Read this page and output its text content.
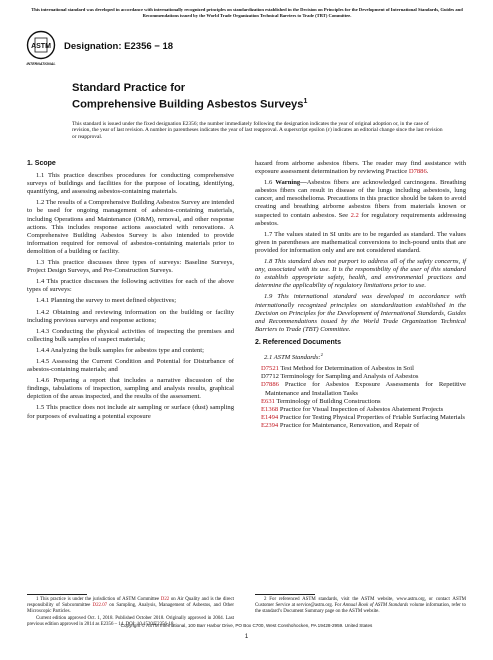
This international standard was developed in accordance with internationally recognized principles on standardization established in the Decision on Principles for the Development of International Standards, Guides and Recommendations issued by the World Trade Organization Technical Barriers to Trade (TBT) Committee.
ASTM
INTERNATIONAL
Designation: E2356 − 18
Standard Practice for
Comprehensive Building Asbestos Surveys$^1$
This standard is issued under the fixed designation E2356; the number immediately following the designation indicates the year of original adoption or, in the case of revision, the year of last revision. A number in parentheses indicates the year of last reapproval. A superscript epsilon (ε) indicates an editorial change since the last revision or reapproval.
1. Scope

1.1 This practice describes procedures for conducting comprehensive surveys of buildings and facilities for the purpose of locating, identifying, quantifying, and assessing asbestos-containing materials.

1.2 The results of a Comprehensive Building Asbestos Survey are intended to be used for ongoing management of asbestos-containing materials, including Operations and Maintenance (O&M), removal, and other response actions. This includes response actions associated with renovations. A Comprehensive Building Asbestos Survey is also intended to provide information required for removal of asbestos-containing materials prior to demolition of a building or facility.

1.3 This practice discusses three types of surveys: Baseline Surveys, Project Design Surveys, and Pre-Construction Surveys.

1.4 This practice discusses the following activities for each of the above types of surveys:

1.4.1 Planning the survey to meet defined objectives;

1.4.2 Obtaining and reviewing information on the building or facility including previous surveys and response actions;

1.4.3 Conducting the physical activities of inspecting the premises and collecting bulk samples of suspect materials;

1.4.4 Analyzing the bulk samples for asbestos type and content;

1.4.5 Assessing the Current Condition and Potential for Disturbance of asbestos-containing materials; and

1.4.6 Preparing a report that includes a narrative discussion of the findings, tabulations of inspection, sampling and analysis results, graphical depiction of the areas inspected, and the results of the assessment.

1.5 This practice does not include air sampling or surface (dust) sampling for purposes of evaluating a potential exposure

hazard from airborne asbestos fibers. The reader may find assistance with exposure assessment determination by reviewing Practice D7886.

1.6 Warning—Asbestos fibers are acknowledged carcinogens. Breathing asbestos fibers can result in disease of the lungs including asbestosis, lung cancer, and mesothelioma. Precautions in this practice should be taken to avoid creating and breathing airborne asbestos fibers from materials known or suspected to contain asbestos. See 2.2 for regulatory requirements addressing asbestos.

1.7 The values stated in SI units are to be regarded as standard. The values given in parentheses are mathematical conversions to inch-pound units that are provided for information only and are not considered standard.

1.8 This standard does not purport to address all of the safety concerns, if any, associated with its use. It is the responsibility of the user of this standard to establish appropriate safety, health, and environmental practices and determine the applicability of regulatory limitations prior to use.

1.9 This international standard was developed in accordance with internationally recognized principles on standardization established in the Decision on Principles for the Development of International Standards, Guides and Recommendations issued by the World Trade Organization Technical Barriers to Trade (TBT) Committee.

2. Referenced Documents

2.1 ASTM Standards:$^2$

D7521 Test Method for Determination of Asbestos in Soil
D7712 Terminology for Sampling and Analysis of Asbestos
D7886 Practice for Asbestos Exposure Assessments for Repetitive Maintenance and Installation Tasks
E631 Terminology of Building Constructions
E1368 Practice for Visual Inspection of Asbestos Abatement Projects
E1494 Practice for Testing Physical Properties of Friable Surfacing Materials
E2394 Practice for Maintenance, Renovation, and Repair of

1 This practice is under the jurisdiction of ASTM Committee D22 on Air Quality and is the direct responsibility of Subcommittee D22.07 on Sampling, Analysis, Management of Asbestos, and Other Microscopic Particles.

Current edition approved Oct. 1, 2018. Published October 2018. Originally approved in 2004. Last previous edition approved in 2014 as E2356 – 14. DOI: 10.1520/E2356-18.

2 For referenced ASTM standards, visit the ASTM website, www.astm.org, or contact ASTM Customer Service at service@astm.org. For Annual Book of ASTM Standards volume information, refer to the standard’s Document Summary page on the ASTM website.

Copyright © ASTM International, 100 Barr Harbor Drive, PO Box C700, West Conshohocken, PA 19428-2959. United States
1
